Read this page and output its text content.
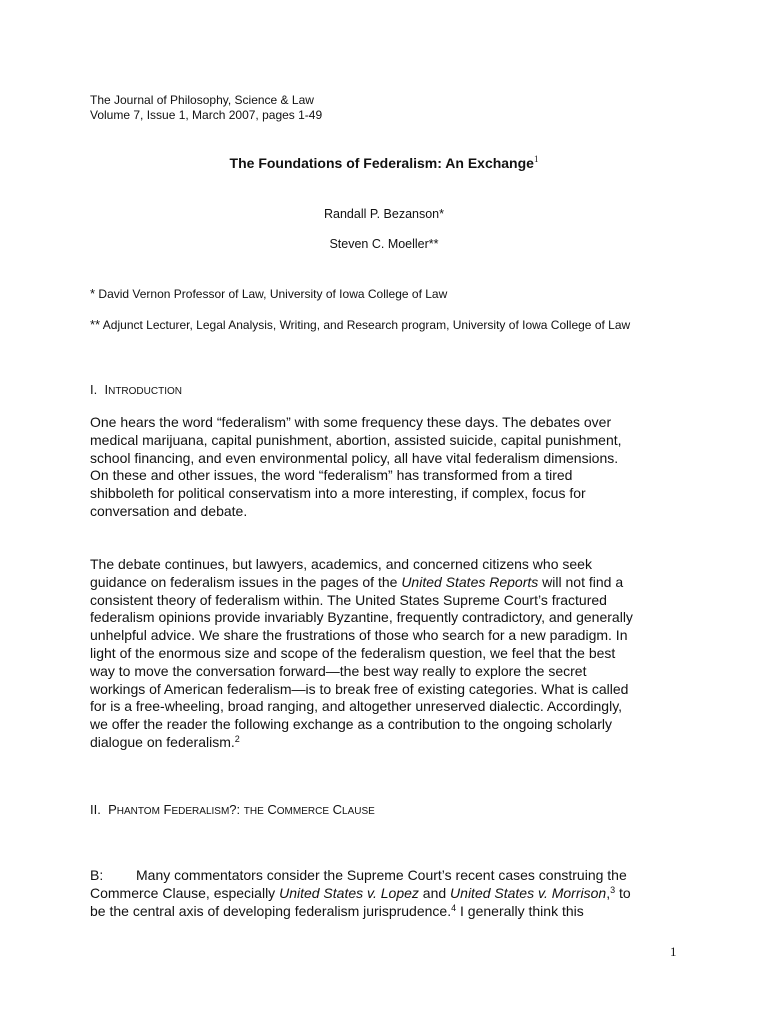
The Journal of Philosophy, Science & Law
Volume 7, Issue 1, March 2007, pages 1-49
The Foundations of Federalism: An Exchange$^1$
Randall P. Bezanson*
Steven C. Moeller**
* David Vernon Professor of Law, University of Iowa College of Law
** Adjunct Lecturer, Legal Analysis, Writing, and Research program, University of Iowa College of Law
I. INTRODUCTION
One hears the word “federalism” with some frequency these days. The debates over
medical marijuana, capital punishment, abortion, assisted suicide, capital punishment,
school financing, and even environmental policy, all have vital federalism dimensions.
On these and other issues, the word “federalism” has transformed from a tired
shibboleth for political conservatism into a more interesting, if complex, focus for
conversation and debate.
The debate continues, but lawyers, academics, and concerned citizens who seek
guidance on federalism issues in the pages of the United States Reports will not find a
consistent theory of federalism within. The United States Supreme Court’s fractured
federalism opinions provide invariably Byzantine, frequently contradictory, and generally
unhelpful advice. We share the frustrations of those who search for a new paradigm. In
light of the enormous size and scope of the federalism question, we feel that the best
way to move the conversation forward—the best way really to explore the secret
workings of American federalism—is to break free of existing categories. What is called
for is a free-wheeling, broad ranging, and altogether unreserved dialectic. Accordingly,
we offer the reader the following exchange as a contribution to the ongoing scholarly
dialogue on federalism.$^2$
II. PHANTOM FEDERALISM?: THE COMMERCE CLAUSE
B: Many commentators consider the Supreme Court’s recent cases construing the
Commerce Clause, especially United States v. Lopez and United States v. Morrison,$^3$ to
be the central axis of developing federalism jurisprudence.$^4$ I generally think this
1
